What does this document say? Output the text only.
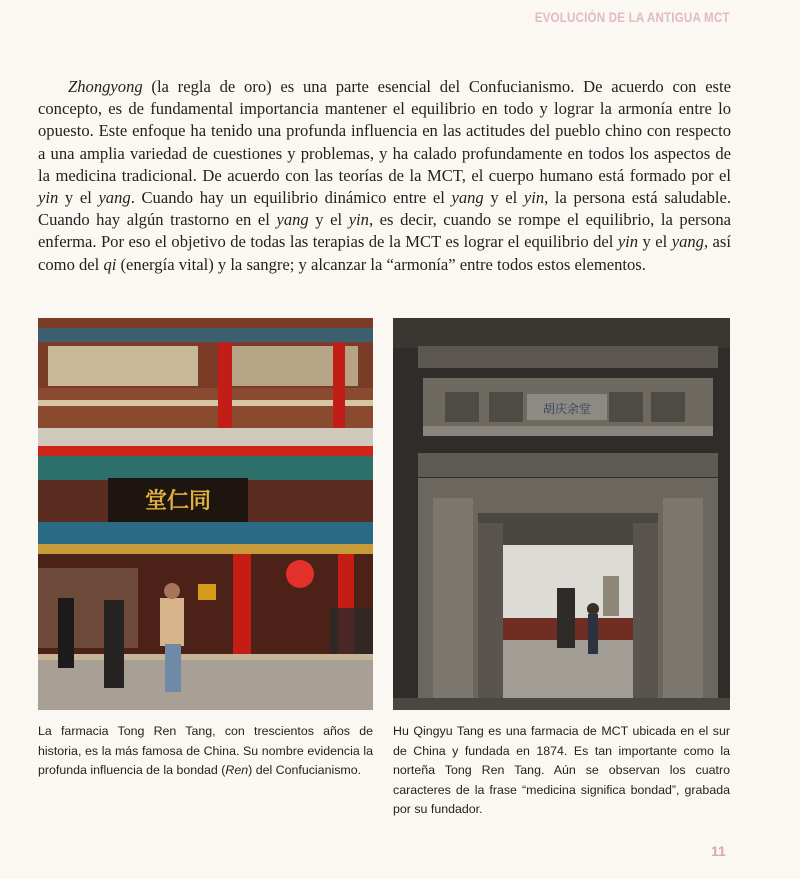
EVOLUCIÓN DE LA ANTIGUA MCT

Zhongyong (la regla de oro) es una parte esencial del Confucianismo. De acuerdo con este concepto, es de fundamental importancia mantener el equilibrio en todo y lograr la armonía entre lo opuesto. Este enfoque ha tenido una profunda influencia en las actitudes del pueblo chino con respecto a una amplia variedad de cuestiones y problemas, y ha calado profundamente en todos los aspectos de la medicina tradicional. De acuerdo con las teorías de la MCT, el cuerpo humano está formado por el yin y el yang. Cuando hay un equilibrio dinámico entre el yang y el yin, la persona está saludable. Cuando hay algún trastorno en el yang y el yin, es decir, cuando se rompe el equilibrio, la persona enferma. Por eso el objetivo de todas las terapias de la MCT es lograr el equilibrio del yin y el yang, así como del qi (energía vital) y la sangre; y alcanzar la “armonía” entre todos estos elementos.

堂仁同
胡庆余堂

La farmacia Tong Ren Tang, con trescientos años de historia, es la más famosa de China. Su nombre evidencia la profunda influencia de la bondad (Ren) del Confucianismo.

Hu Qingyu Tang es una farmacia de MCT ubicada en el sur de China y fundada en 1874. Es tan importante como la norteña Tong Ren Tang. Aún se observan los cuatro caracteres de la frase “medicina significa bondad”, grabada por su fundador.

11
